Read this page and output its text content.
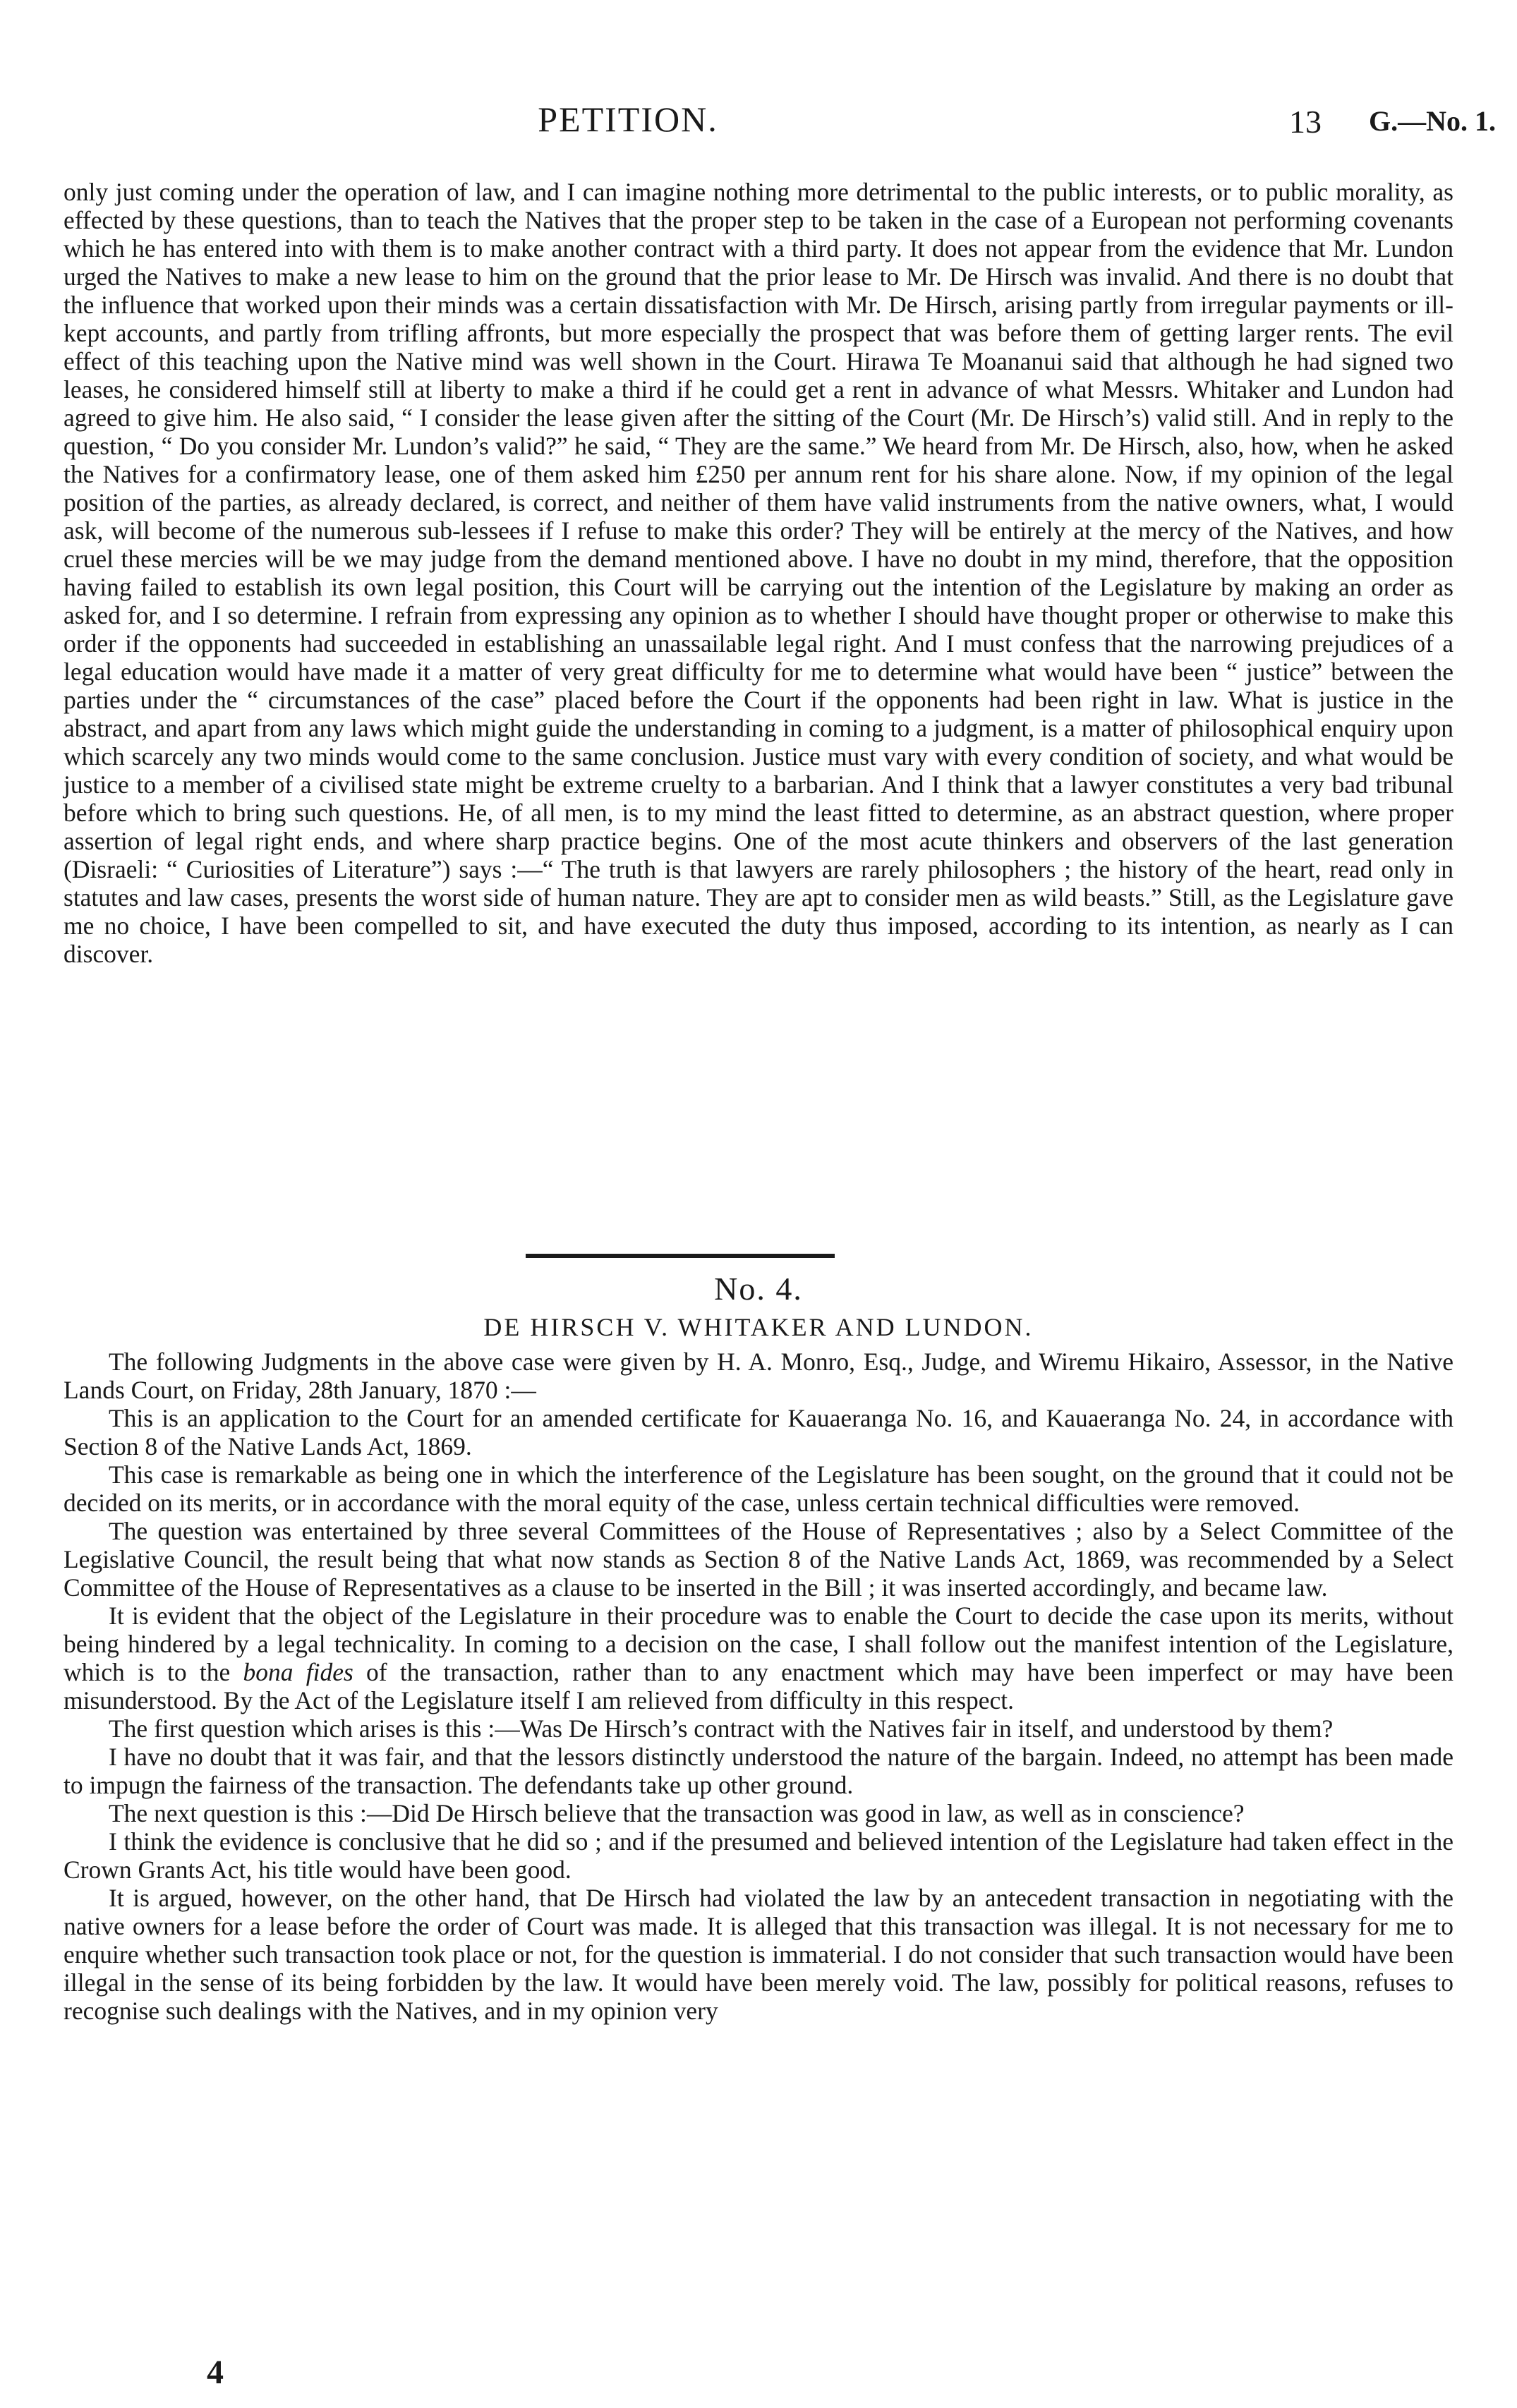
PETITION.	13 G.—No. 1.

only just coming under the operation of law, and I can imagine nothing more detrimental to the public interests, or to public morality, as effected by these questions, than to teach the Natives that the proper step to be taken in the case of a European not performing covenants which he has entered into with them is to make another contract with a third party. It does not appear from the evidence that Mr. Lundon urged the Natives to make a new lease to him on the ground that the prior lease to Mr. De Hirsch was invalid. And there is no doubt that the influence that worked upon their minds was a certain dissatisfaction with Mr. De Hirsch, arising partly from irregular payments or ill-kept accounts, and partly from trifling affronts, but more especially the prospect that was before them of getting larger rents. The evil effect of this teaching upon the Native mind was well shown in the Court. Hirawa Te Moananui said that although he had signed two leases, he considered himself still at liberty to make a third if he could get a rent in advance of what Messrs. Whitaker and Lundon had agreed to give him. He also said, “ I consider the lease given after the sitting of the Court (Mr. De Hirsch’s) valid still. And in reply to the question, “ Do you consider Mr. Lundon’s valid?” he said, “ They are the same.” We heard from Mr. De Hirsch, also, how, when he asked the Natives for a confirmatory lease, one of them asked him £250 per annum rent for his share alone. Now, if my opinion of the legal position of the parties, as already declared, is correct, and neither of them have valid instruments from the native owners, what, I would ask, will become of the numerous sub-lessees if I refuse to make this order? They will be entirely at the mercy of the Natives, and how cruel these mercies will be we may judge from the demand mentioned above. I have no doubt in my mind, therefore, that the opposition having failed to establish its own legal position, this Court will be carrying out the intention of the Legislature by making an order as asked for, and I so determine. I refrain from expressing any opinion as to whether I should have thought proper or otherwise to make this order if the opponents had succeeded in establishing an unassailable legal right. And I must confess that the narrowing prejudices of a legal education would have made it a matter of very great difficulty for me to determine what would have been “ justice” between the parties under the “ circumstances of the case” placed before the Court if the opponents had been right in law. What is justice in the abstract, and apart from any laws which might guide the understanding in coming to a judgment, is a matter of philosophical enquiry upon which scarcely any two minds would come to the same conclusion. Justice must vary with every condition of society, and what would be justice to a member of a civilised state might be extreme cruelty to a barbarian. And I think that a lawyer constitutes a very bad tribunal before which to bring such questions. He, of all men, is to my mind the least fitted to determine, as an abstract question, where proper assertion of legal right ends, and where sharp practice begins. One of the most acute thinkers and observers of the last generation (Disraeli: “ Curiosities of Literature”) says :—“ The truth is that lawyers are rarely philosophers ; the history of the heart, read only in statutes and law cases, presents the worst side of human nature. They are apt to consider men as wild beasts.” Still, as the Legislature gave me no choice, I have been compelled to sit, and have executed the duty thus imposed, according to its intention, as nearly as I can discover.

No. 4.
DE HIRSCH V. WHITAKER AND LUNDON.

The following Judgments in the above case were given by H. A. Monro, Esq., Judge, and Wiremu Hikairo, Assessor, in the Native Lands Court, on Friday, 28th January, 1870 :—

This is an application to the Court for an amended certificate for Kauaeranga No. 16, and Kauaeranga No. 24, in accordance with Section 8 of the Native Lands Act, 1869.

This case is remarkable as being one in which the interference of the Legislature has been sought, on the ground that it could not be decided on its merits, or in accordance with the moral equity of the case, unless certain technical difficulties were removed.

The question was entertained by three several Committees of the House of Representatives ; also by a Select Committee of the Legislative Council, the result being that what now stands as Section 8 of the Native Lands Act, 1869, was recommended by a Select Committee of the House of Representatives as a clause to be inserted in the Bill ; it was inserted accordingly, and became law.

It is evident that the object of the Legislature in their procedure was to enable the Court to decide the case upon its merits, without being hindered by a legal technicality. In coming to a decision on the case, I shall follow out the manifest intention of the Legislature, which is to the bona fides of the transaction, rather than to any enactment which may have been imperfect or may have been misunderstood. By the Act of the Legislature itself I am relieved from difficulty in this respect.

The first question which arises is this :—Was De Hirsch’s contract with the Natives fair in itself, and understood by them?

I have no doubt that it was fair, and that the lessors distinctly understood the nature of the bargain. Indeed, no attempt has been made to impugn the fairness of the transaction. The defendants take up other ground.

The next question is this :—Did De Hirsch believe that the transaction was good in law, as well as in conscience?

I think the evidence is conclusive that he did so ; and if the presumed and believed intention of the Legislature had taken effect in the Crown Grants Act, his title would have been good.

It is argued, however, on the other hand, that De Hirsch had violated the law by an antecedent transaction in negotiating with the native owners for a lease before the order of Court was made. It is alleged that this transaction was illegal. It is not necessary for me to enquire whether such transaction took place or not, for the question is immaterial. I do not consider that such transaction would have been illegal in the sense of its being forbidden by the law. It would have been merely void. The law, possibly for political reasons, refuses to recognise such dealings with the Natives, and in my opinion very

4
